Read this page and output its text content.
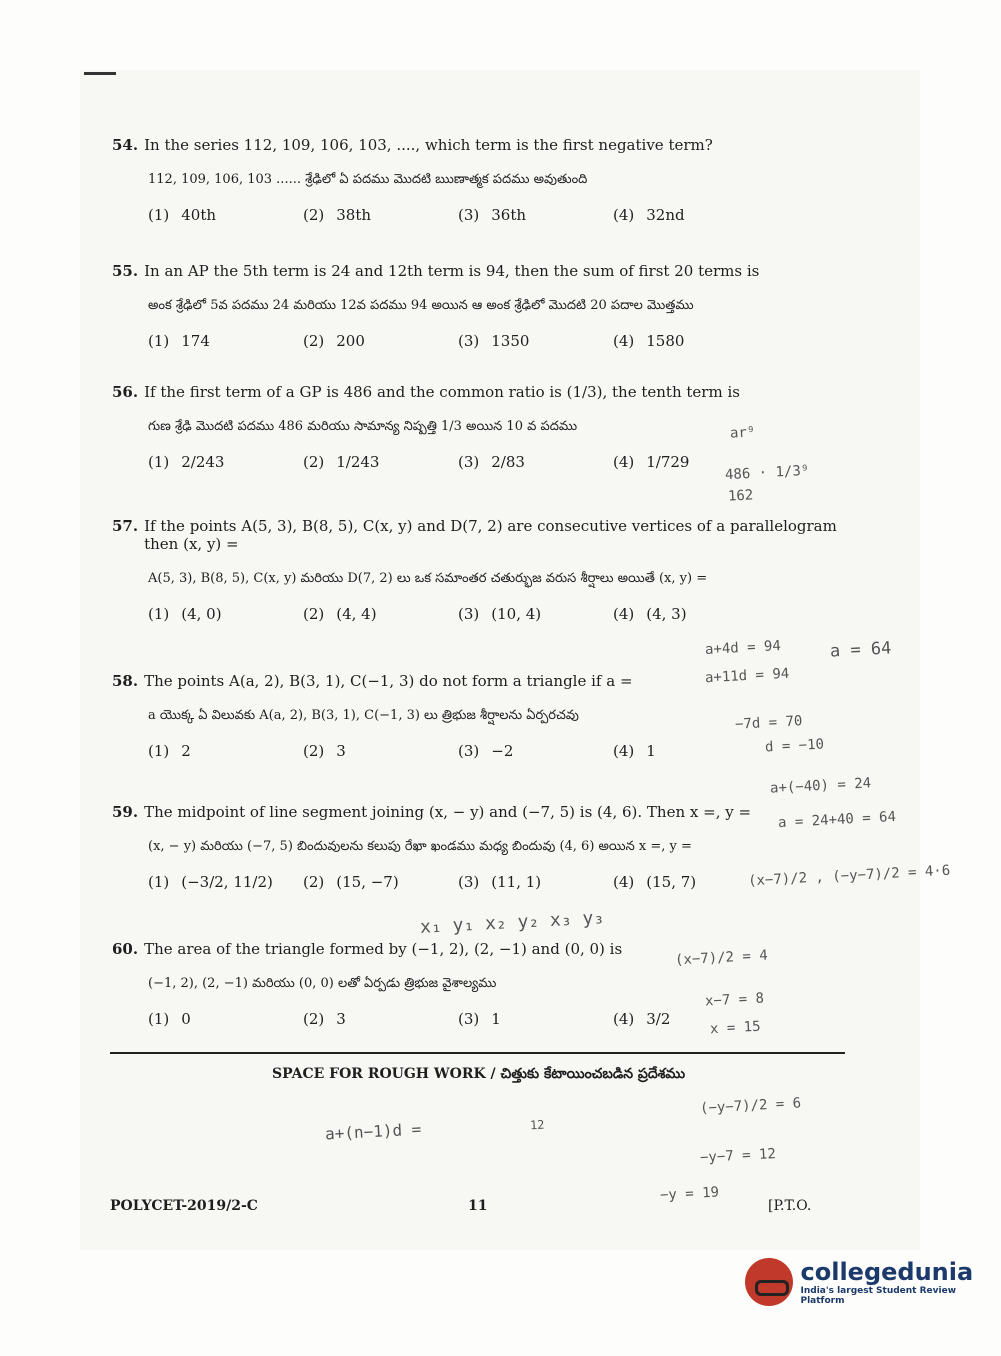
54. In the series 112, 109, 106, 103, ...., which term is the first negative term?
112, 109, 106, 103 ...... శ్రేఢిలో ఏ పదము మొదటి ఋణాత్మక పదము అవుతుంది
(1) 40th	(2) 38th	(3) 36th	(4) 32nd
55. In an AP the 5th term is 24 and 12th term is 94, then the sum of first 20 terms is
అంక శ్రేఢిలో 5వ పదము 24 మరియు 12వ పదము 94 అయిన ఆ అంక శ్రేఢిలో మొదటి 20 పదాల మొత్తము
(1) 174	(2) 200	(3) 1350	(4) 1580
56. If the first term of a GP is 486 and the common ratio is (1/3), the tenth term is
గుణ శ్రేఢి మొదటి పదము 486 మరియు సామాన్య నిష్పత్తి 1/3 అయిన 10 వ పదము
(1) 2/243	(2) 1/243	(3) 2/83	(4) 1/729
57. If the points A(5, 3), B(8, 5), C(x, y) and D(7, 2) are consecutive vertices of a parallelogram then (x, y) =
A(5, 3), B(8, 5), C(x, y) మరియు D(7, 2) లు ఒక సమాంతర చతుర్భుజ వరుస శీర్షాలు అయితే (x, y) =
(1) (4, 0)	(2) (4, 4)	(3) (10, 4)	(4) (4, 3)
58. The points A(a, 2), B(3, 1), C(−1, 3) do not form a triangle if a =
a యొక్క ఏ విలువకు A(a, 2), B(3, 1), C(−1, 3) లు త్రిభుజ శీర్షాలను ఏర్పరచవు
(1) 2	(2) 3	(3) −2	(4) 1
59. The midpoint of line segment joining (x, − y) and (−7, 5) is (4, 6). Then x =, y =
(x, − y) మరియు (−7, 5) బిందువులను కలుపు రేఖా ఖండము మధ్య బిందువు (4, 6) అయిన x =, y =
(1) (−3/2, 11/2)	(2) (15, −7)	(3) (11, 1)	(4) (15, 7)
60. The area of the triangle formed by (−1, 2), (2, −1) and (0, 0) is
(−1, 2), (2, −1) మరియు (0, 0) లతో ఏర్పడు త్రిభుజ వైశాల్యము
(1) 0	(2) 3	(3) 1	(4) 3/2
ar⁹
486 · 1/3⁹
162
a+4d = 94
a+11d = 94
a = 64
−7d = 70
d = −10
a+(−40) = 24
a = 24+40 = 64
(x−7)/2 , (−y−7)/2 = 4·6
x₁ y₁ x₂ y₂ x₃ y₃
(x−7)/2 = 4
x−7 = 8
x = 15
(−y−7)/2 = 6
−y−7 = 12
−y = 19
a+(n−1)d =	12
SPACE FOR ROUGH WORK / చిత్తుకు కేటాయించబడిన ప్రదేశము
POLYCET-2019/2-C	11	[P.T.O.
collegedunia
India's largest Student Review Platform
